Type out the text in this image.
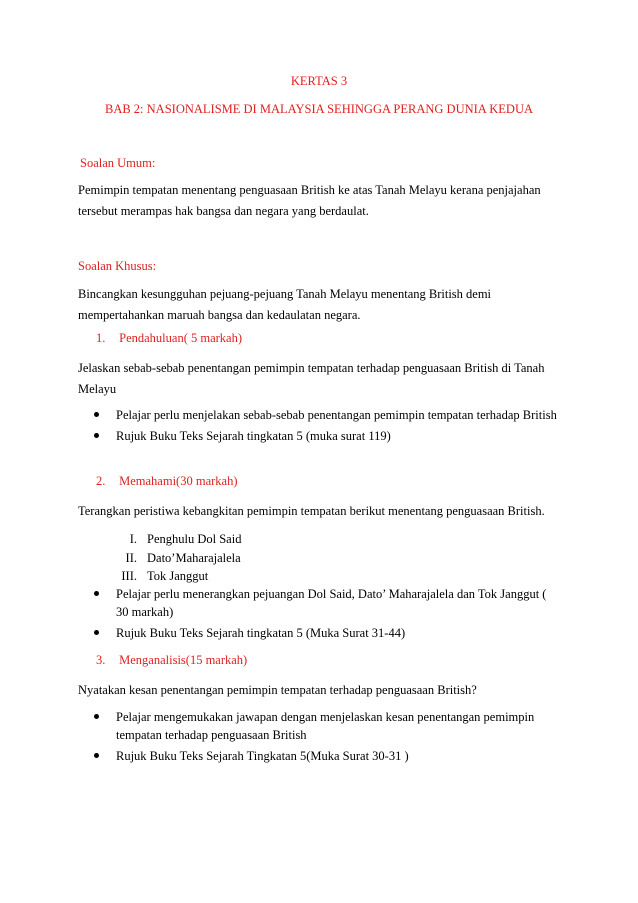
KERTAS 3
BAB 2: NASIONALISME DI MALAYSIA SEHINGGA PERANG DUNIA KEDUA
Soalan Umum:
Pemimpin tempatan menentang penguasaan British ke atas Tanah Melayu kerana penjajahan tersebut merampas hak bangsa dan negara yang berdaulat.
Soalan Khusus:
Bincangkan kesungguhan pejuang-pejuang Tanah Melayu menentang British demi mempertahankan maruah bangsa dan kedaulatan negara.
1. Pendahuluan( 5 markah)
Jelaskan sebab-sebab penentangan pemimpin tempatan terhadap penguasaan British di Tanah Melayu
Pelajar perlu menjelakan sebab-sebab penentangan pemimpin tempatan terhadap British
Rujuk Buku Teks Sejarah tingkatan 5 (muka surat 119)
2. Memahami(30 markah)
Terangkan peristiwa kebangkitan pemimpin tempatan berikut menentang penguasaan British.
I. Penghulu Dol Said
II. Dato’Maharajalela
III. Tok Janggut
Pelajar perlu menerangkan pejuangan Dol Said, Dato’ Maharajalela dan Tok Janggut ( 30 markah)
Rujuk Buku Teks Sejarah tingkatan 5 (Muka Surat 31-44)
3. Menganalisis(15 markah)
Nyatakan kesan penentangan pemimpin tempatan terhadap penguasaan British?
Pelajar mengemukakan jawapan dengan menjelaskan kesan penentangan pemimpin tempatan terhadap penguasaan British
Rujuk Buku Teks Sejarah Tingkatan 5(Muka Surat 30-31 )
